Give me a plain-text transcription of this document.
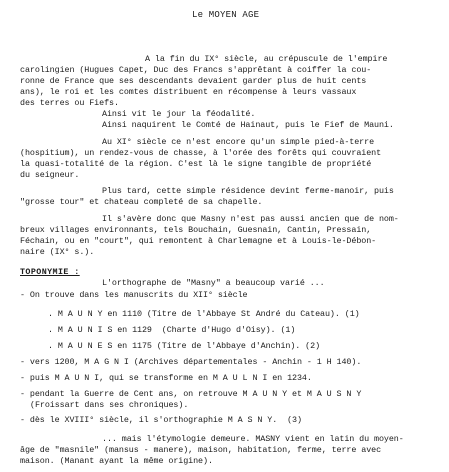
Le MOYEN AGE
A la fin du IX° siècle, au crépuscule de l'empire
carolingien (Hugues Capet, Duc des Francs s'apprêtant à coiffer la cou-
ronne de France que ses descendants devaient garder plus de huit cents
ans), le roi et les comtes distribuent en récompense à leurs vassaux
des terres ou Fiefs.
Ainsi vit le jour la féodalité.
Ainsi naquirent le Comté de Hainaut, puis le Fief de Mauni.
Au XI° siècle ce n'est encore qu'un simple pied-à-terre
(hospitium), un rendez-vous de chasse, à l'orée des forêts qui couvraient
la quasi-totalité de la région. C'est là le signe tangible de propriété
du seigneur.
Plus tard, cette simple résidence devint ferme-manoir, puis
"grosse tour" et chateau completé de sa chapelle.
Il s'avère donc que Masny n'est pas aussi ancien que de nom-
breux villages environnants, tels Bouchain, Guesnain, Cantin, Pressain,
Féchain, ou en "court", qui remontent à Charlemagne et à Louis-le-Débon-
naire (IX° s.).
TOPONYMIE :
L'orthographe de "Masny" a beaucoup varié ...
- On trouve dans les manuscrits du XII° siècle
. M A U N Y en 1110 (Titre de l'Abbaye St André du Cateau). (1)
. M A U N I S en 1129  (Charte d'Hugo d'Oisy). (1)
. M A U N E S en 1175 (Titre de l'Abbaye d'Anchin). (2)
- vers 1200, M A G N I (Archives départementales - Anchin - 1 H 140).
- puis M A U N I, qui se transforme en M A U L N I en 1234.
- pendant la Guerre de Cent ans, on retrouve M A U N Y et M A U S N Y
(Froissart dans ses chroniques).
- dès le XVIII° siècle, il s'orthographie M A S N Y.  (3)
... mais l'étymologie demeure. MASNY vient en latin du moyen-
âge de "masnile" (mansus - manere), maison, habitation, ferme, terre avec
maison. (Manant ayant la même origine).
